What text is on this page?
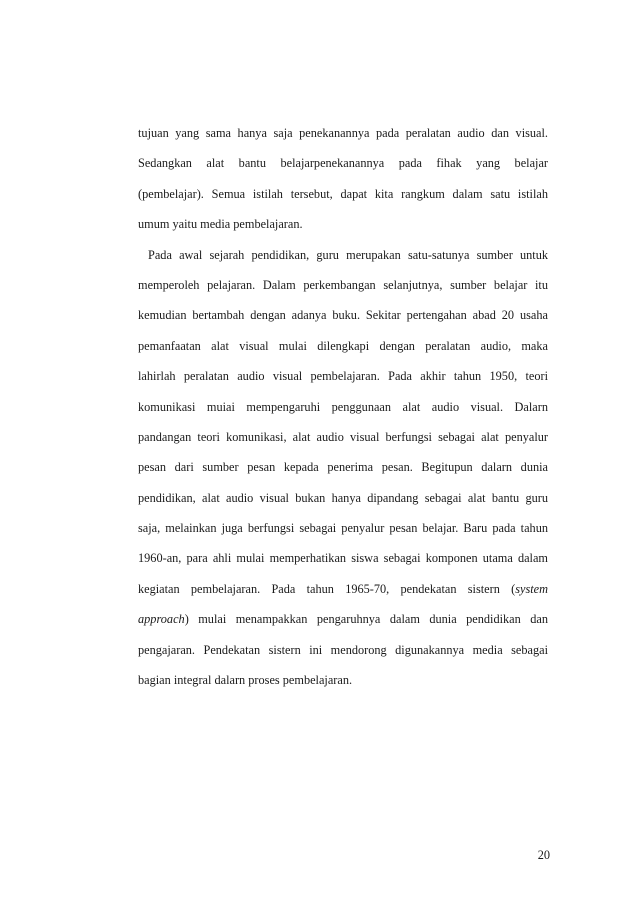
tujuan yang sama hanya saja penekanannya pada peralatan audio dan visual.
Sedangkan alat bantu belajarpenekanannya pada fihak yang belajar
(pembelajar). Semua istilah tersebut, dapat kita rangkum dalam satu istilah
umum yaitu media pembelajaran.
Pada awal sejarah pendidikan, guru merupakan satu-satunya sumber untuk
memperoleh pelajaran. Dalam perkembangan selanjutnya, sumber belajar itu
kemudian bertambah dengan adanya buku. Sekitar pertengahan abad 20 usaha
pemanfaatan alat visual mulai dilengkapi dengan peralatan audio, maka
lahirlah peralatan audio visual pembelajaran. Pada akhir tahun 1950, teori
komunikasi muiai mempengaruhi penggunaan alat audio visual. Dalarn
pandangan teori komunikasi, alat audio visual berfungsi sebagai alat penyalur
pesan dari sumber pesan kepada penerima pesan. Begitupun dalarn dunia
pendidikan, alat audio visual bukan hanya dipandang sebagai alat bantu guru
saja, melainkan juga berfungsi sebagai penyalur pesan belajar. Baru pada tahun
1960-an, para ahli mulai memperhatikan siswa sebagai komponen utama dalam
kegiatan pembelajaran. Pada tahun 1965-70, pendekatan sistern (system
approach) mulai menampakkan pengaruhnya dalam dunia pendidikan dan
pengajaran. Pendekatan sistern ini mendorong digunakannya media sebagai
bagian integral dalarn proses pembelajaran.
20
